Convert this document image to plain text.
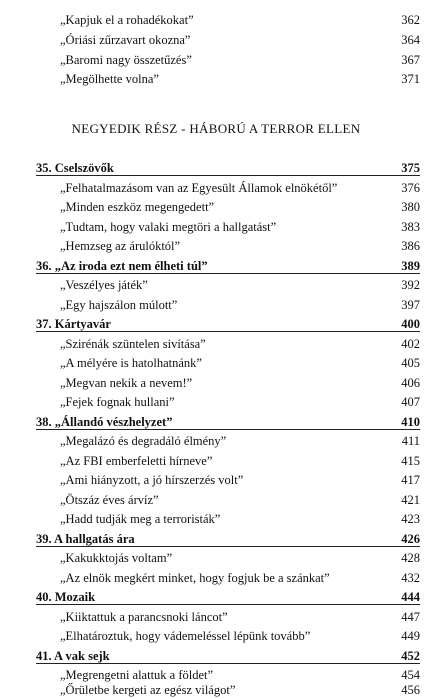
„Kapjuk el a rohadékokat”	362
„Óriási zűrzavart okozna”	364
„Baromi nagy összetűzés”	367
„Megölhette volna”	371
NEGYEDIK RÉSZ - HÁBORÚ A TERROR ELLEN
35. Cselszövők	375
„Felhatalmazásom van az Egyesült Államok elnökétől”	376
„Minden eszköz megengedett”	380
„Tudtam, hogy valaki megtöri a hallgatást”	383
„Hemzseg az árulóktól”	386
36. „Az iroda ezt nem élheti túl”	389
„Veszélyes játék”	392
„Egy hajszálon múlott”	397
37. Kártyavár	400
„Szirénák szüntelen sivítása”	402
„A mélyére is hatolhatnánk”	405
„Megvan nekik a nevem!”	406
„Fejek fognak hullani”	407
38. „Állandó vészhelyzet”	410
„Megalázó és degradáló élmény”	411
„Az FBI emberfeletti hírneve”	415
„Ami hiányzott, a jó hírszerzés volt”	417
„Ötszáz éves árvíz”	421
„Hadd tudják meg a terroristák”	423
39. A hallgatás ára	426
„Kakukktojás voltam”	428
„Az elnök megkért minket, hogy fogjuk be a szánkat”	432
40. Mozaik	444
„Kiiktattuk a parancsnoki láncot”	447
„Elhatároztuk, hogy vádemeléssel lépünk tovább”	449
41. A vak sejk	452
„Megrengetni alattuk a földet”	454
„Őrületbe kergeti az egész világot”	456
